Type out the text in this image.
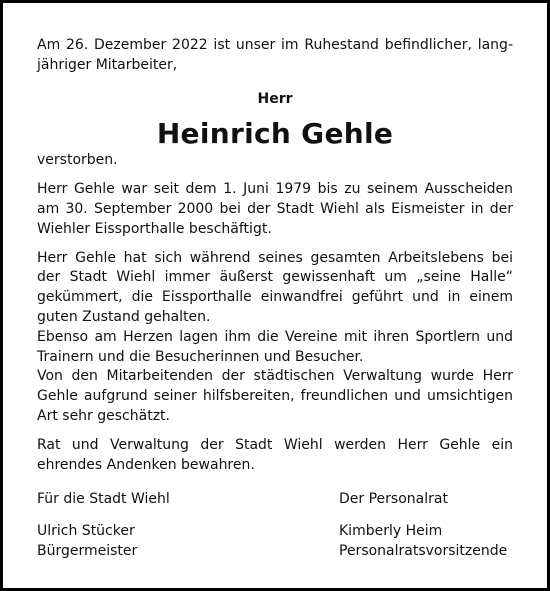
Am 26. Dezember 2022 ist unser im Ruhestand befindlicher, langjähriger Mitarbeiter,

Herr

Heinrich Gehle

verstorben.

Herr Gehle war seit dem 1. Juni 1979 bis zu seinem Ausscheiden am 30. September 2000 bei der Stadt Wiehl als Eismeister in der Wiehler Eissporthalle beschäftigt.

Herr Gehle hat sich während seines gesamten Arbeitslebens bei der Stadt Wiehl immer äußerst gewissenhaft um „seine Halle“ gekümmert, die Eissporthalle einwandfrei geführt und in einem guten Zustand gehalten.

Ebenso am Herzen lagen ihm die Vereine mit ihren Sportlern und Trainern und die Besucherinnen und Besucher.

Von den Mitarbeitenden der städtischen Verwaltung wurde Herr Gehle aufgrund seiner hilfsbereiten, freundlichen und umsichtigen Art sehr geschätzt.

Rat und Verwaltung der Stadt Wiehl werden Herr Gehle ein ehrendes Andenken bewahren.

Für die Stadt Wiehl
Ulrich Stücker
Bürgermeister
Der Personalrat
Kimberly Heim
Personalratsvorsitzende
